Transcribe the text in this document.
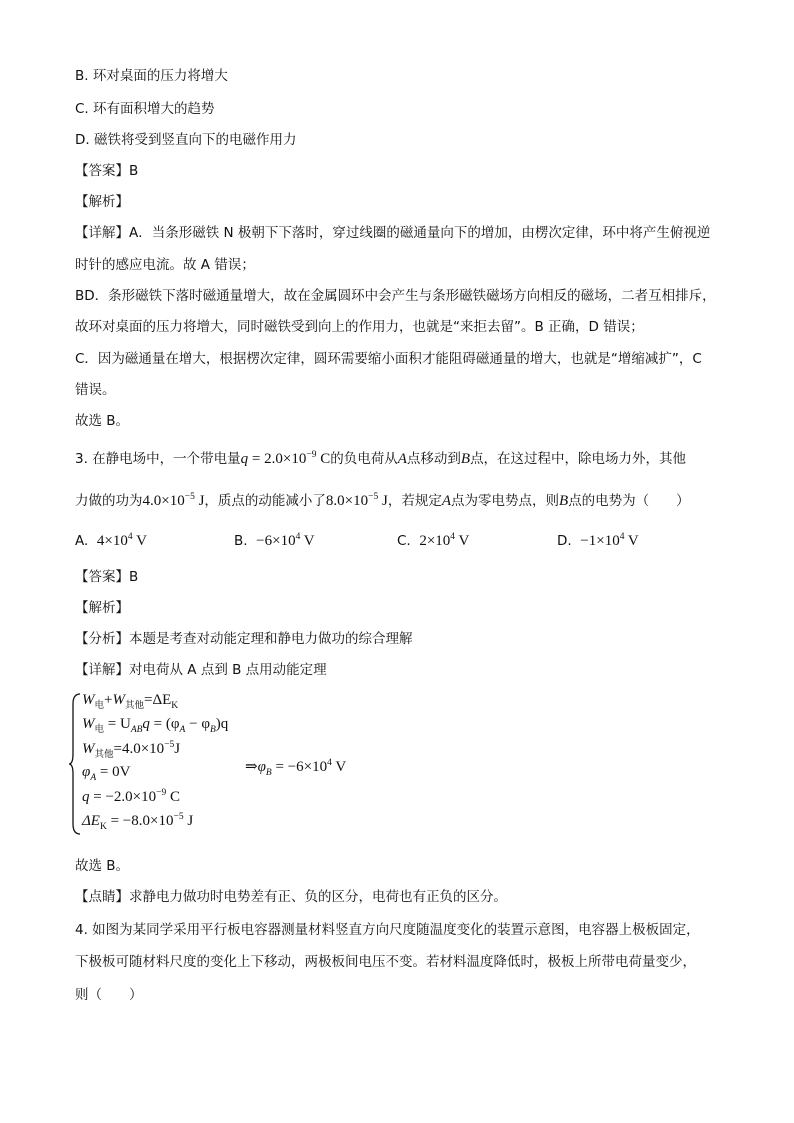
B. 环对桌面的压力将增大
C. 环有面积增大的趋势
D. 磁铁将受到竖直向下的电磁作用力
【答案】B
【解析】
【详解】A．当条形磁铁 N 极朝下下落时，穿过线圈的磁通量向下的增加，由楞次定律，环中将产生俯视逆
时针的感应电流。故 A 错误；
BD．条形磁铁下落时磁通量增大，故在金属圆环中会产生与条形磁铁磁场方向相反的磁场，二者互相排斥，
故环对桌面的压力将增大，同时磁铁受到向上的作用力，也就是“来拒去留”。B 正确，D 错误；
C．因为磁通量在增大，根据楞次定律，圆环需要缩小面积才能阻碍磁通量的增大，也就是“增缩减扩”，C
错误。
故选 B。
3. 在静电场中，一个带电量$q = 2.0\times 10^{-9}$ C的负电荷从A点移动到B点，在这过程中，除电场力外，其他
力做的功为$4.0\times 10^{-5}$ J，质点的动能减小了$8.0\times 10^{-5}$ J，若规定A点为零电势点，则B点的电势为（　　）
A. $4\times 10^4$ V	B. $-6\times 10^4$ V	C. $2\times 10^4$ V	D. $-1\times 10^4$ V
【答案】B
【解析】
【分析】本题是考查对动能定理和静电力做功的综合理解
【详解】对电荷从 A 点到 B 点用动能定理
$W_电+W_{其他}=\Delta E_K$
$W_电 = U_{AB}q = (\varphi_A - \varphi_B)q$
$W_{其他}=4.0\times 10^{-5}J$
$\varphi_A = 0V$
$q = -2.0\times 10^{-9}$ C
$\Delta E_K = -8.0\times 10^{-5}$ J
$\Rightarrow\varphi_B = -6\times 10^4$ V
故选 B。
【点睛】求静电力做功时电势差有正、负的区分，电荷也有正负的区分。
4. 如图为某同学采用平行板电容器测量材料竖直方向尺度随温度变化的装置示意图，电容器上极板固定，
下极板可随材料尺度的变化上下移动，两极板间电压不变。若材料温度降低时，极板上所带电荷量变少，
则（　　）
